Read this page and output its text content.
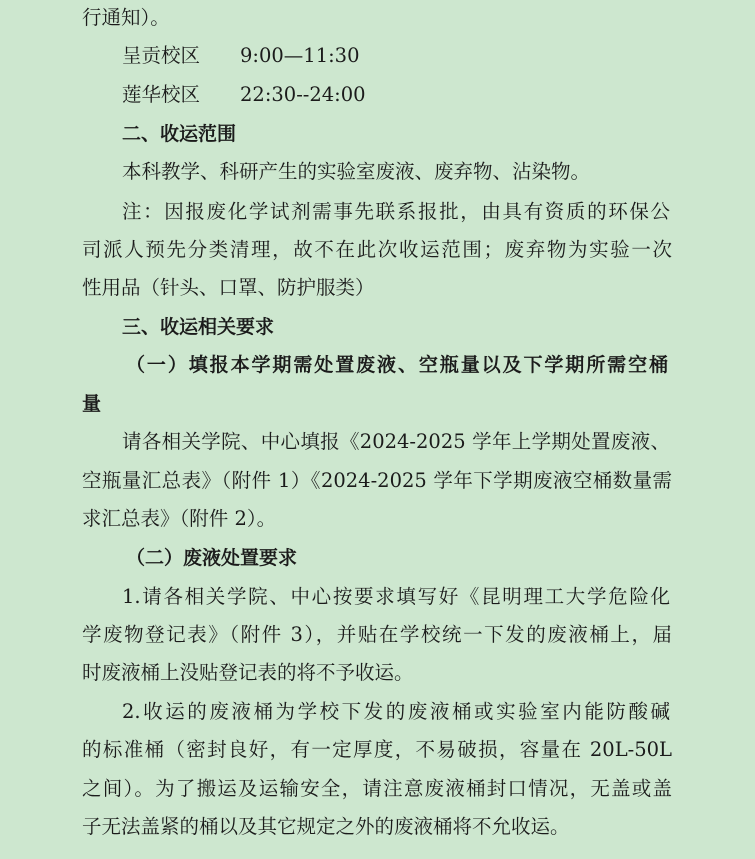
行通知）。
呈贡校区 9:00—11:30
莲华校区 22:30--24:00
二、收运范围
本科教学、科研产生的实验室废液、废弃物、沾染物。
注：因报废化学试剂需事先联系报批，由具有资质的环保公
司派人预先分类清理，故不在此次收运范围；废弃物为实验一次
性用品（针头、口罩、防护服类）
三、收运相关要求
（一）填报本学期需处置废液、空瓶量以及下学期所需空桶
量
请各相关学院、中心填报《2024-2025 学年上学期处置废液、
空瓶量汇总表》（附件 1）《2024-2025 学年下学期废液空桶数量需
求汇总表》（附件 2）。
（二）废液处置要求
1.请各相关学院、中心按要求填写好《昆明理工大学危险化
学废物登记表》（附件 3），并贴在学校统一下发的废液桶上，届
时废液桶上没贴登记表的将不予收运。
2.收运的废液桶为学校下发的废液桶或实验室内能防酸碱
的标准桶（密封良好，有一定厚度，不易破损，容量在 20L-50L
之间）。为了搬运及运输安全，请注意废液桶封口情况，无盖或盖
子无法盖紧的桶以及其它规定之外的废液桶将不允收运。
